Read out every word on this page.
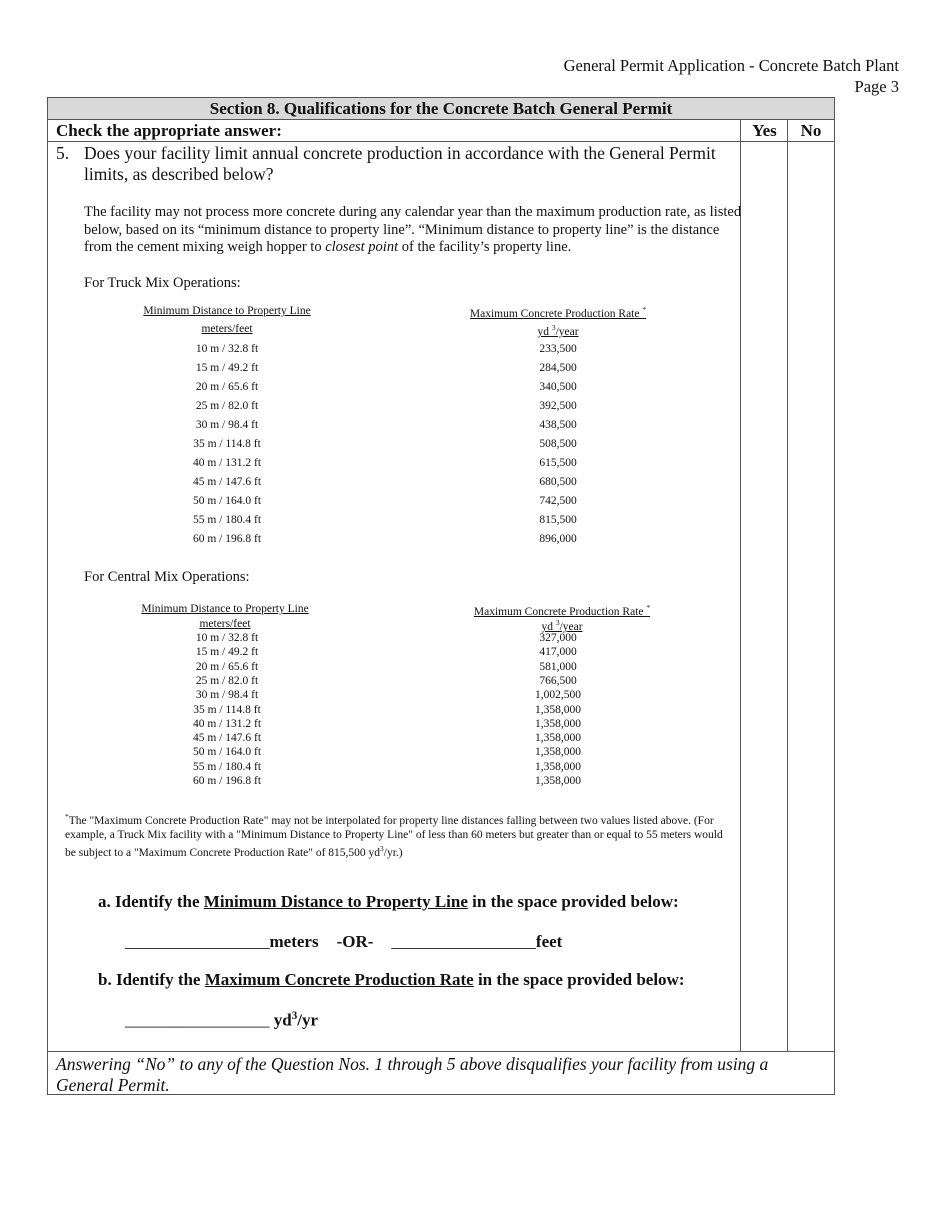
General Permit Application - Concrete Batch Plant
Page 3
Section 8. Qualifications for the Concrete Batch General Permit
Check the appropriate answer:	Yes	No
5. Does your facility limit annual concrete production in accordance with the General Permit limits, as described below?
The facility may not process more concrete during any calendar year than the maximum production rate, as listed below, based on its “minimum distance to property line”. “Minimum distance to property line” is the distance from the cement mixing weigh hopper to closest point of the facility’s property line.
For Truck Mix Operations:
Minimum Distance to Property Line	Maximum Concrete Production Rate *
meters/feet	yd $^3$/year
10 m / 32.8 ft	233,500
15 m / 49.2 ft	284,500
20 m / 65.6 ft	340,500
25 m / 82.0 ft	392,500
30 m / 98.4 ft	438,500
35 m / 114.8 ft	508,500
40 m / 131.2 ft	615,500
45 m / 147.6 ft	680,500
50 m / 164.0 ft	742,500
55 m / 180.4 ft	815,500
60 m / 196.8 ft	896,000
For Central Mix Operations:
Minimum Distance to Property Line	Maximum Concrete Production Rate *
meters/feet	yd $^3$/year
10 m / 32.8 ft	327,000
15 m / 49.2 ft	417,000
20 m / 65.6 ft	581,000
25 m / 82.0 ft	766,500
30 m / 98.4 ft	1,002,500
35 m / 114.8 ft	1,358,000
40 m / 131.2 ft	1,358,000
45 m / 147.6 ft	1,358,000
50 m / 164.0 ft	1,358,000
55 m / 180.4 ft	1,358,000
60 m / 196.8 ft	1,358,000
*The "Maximum Concrete Production Rate" may not be interpolated for property line distances falling between two values listed above. (For example, a Truck Mix facility with a "Minimum Distance to Property Line" of less than 60 meters but greater than or equal to 55 meters would be subject to a "Maximum Concrete Production Rate" of 815,500 $yd^3/yr$.)
a. Identify the Minimum Distance to Property Line in the space provided below:
_________________meters -OR- _________________feet
b. Identify the Maximum Concrete Production Rate in the space provided below:
_________________ $yd^3/yr$
Answering “No” to any of the Question Nos. 1 through 5 above disqualifies your facility from using a General Permit.
